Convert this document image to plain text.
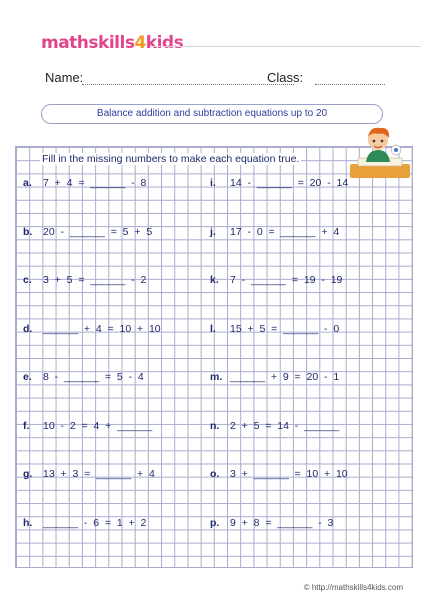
math skills 4 kids
Name:	Class:
Balance addition and subtraction equations up to 20
Fill in the missing numbers to make each equation true.
a. 7  +  4  =  ______  -  8
b. 20  -  ______  =  5  +  5
c. 3  +  5  =  ______  -  2
d. ______  +  4  =  10  +  10
e. 8  -  ______  =  5  -  4
f. 10  -  2  =  4  +  ______
g. 13  +  3  =  ______  +  4
h. ______  -  6  =  1  +  2
i. 14  -  ______  =  20  -  14
j. 17  -  0  =  ______  +  4
k. 7  -  ______  =  19  -  19
l. 15  +  5  =  ______  -  0
m. ______  +  9  =  20  -  1
n. 2  +  5  =  14  -  ______
o. 3  +  ______  =  10  +  10
p. 9  +  8  =  ______  -  3
© http://mathskills4kids.com
